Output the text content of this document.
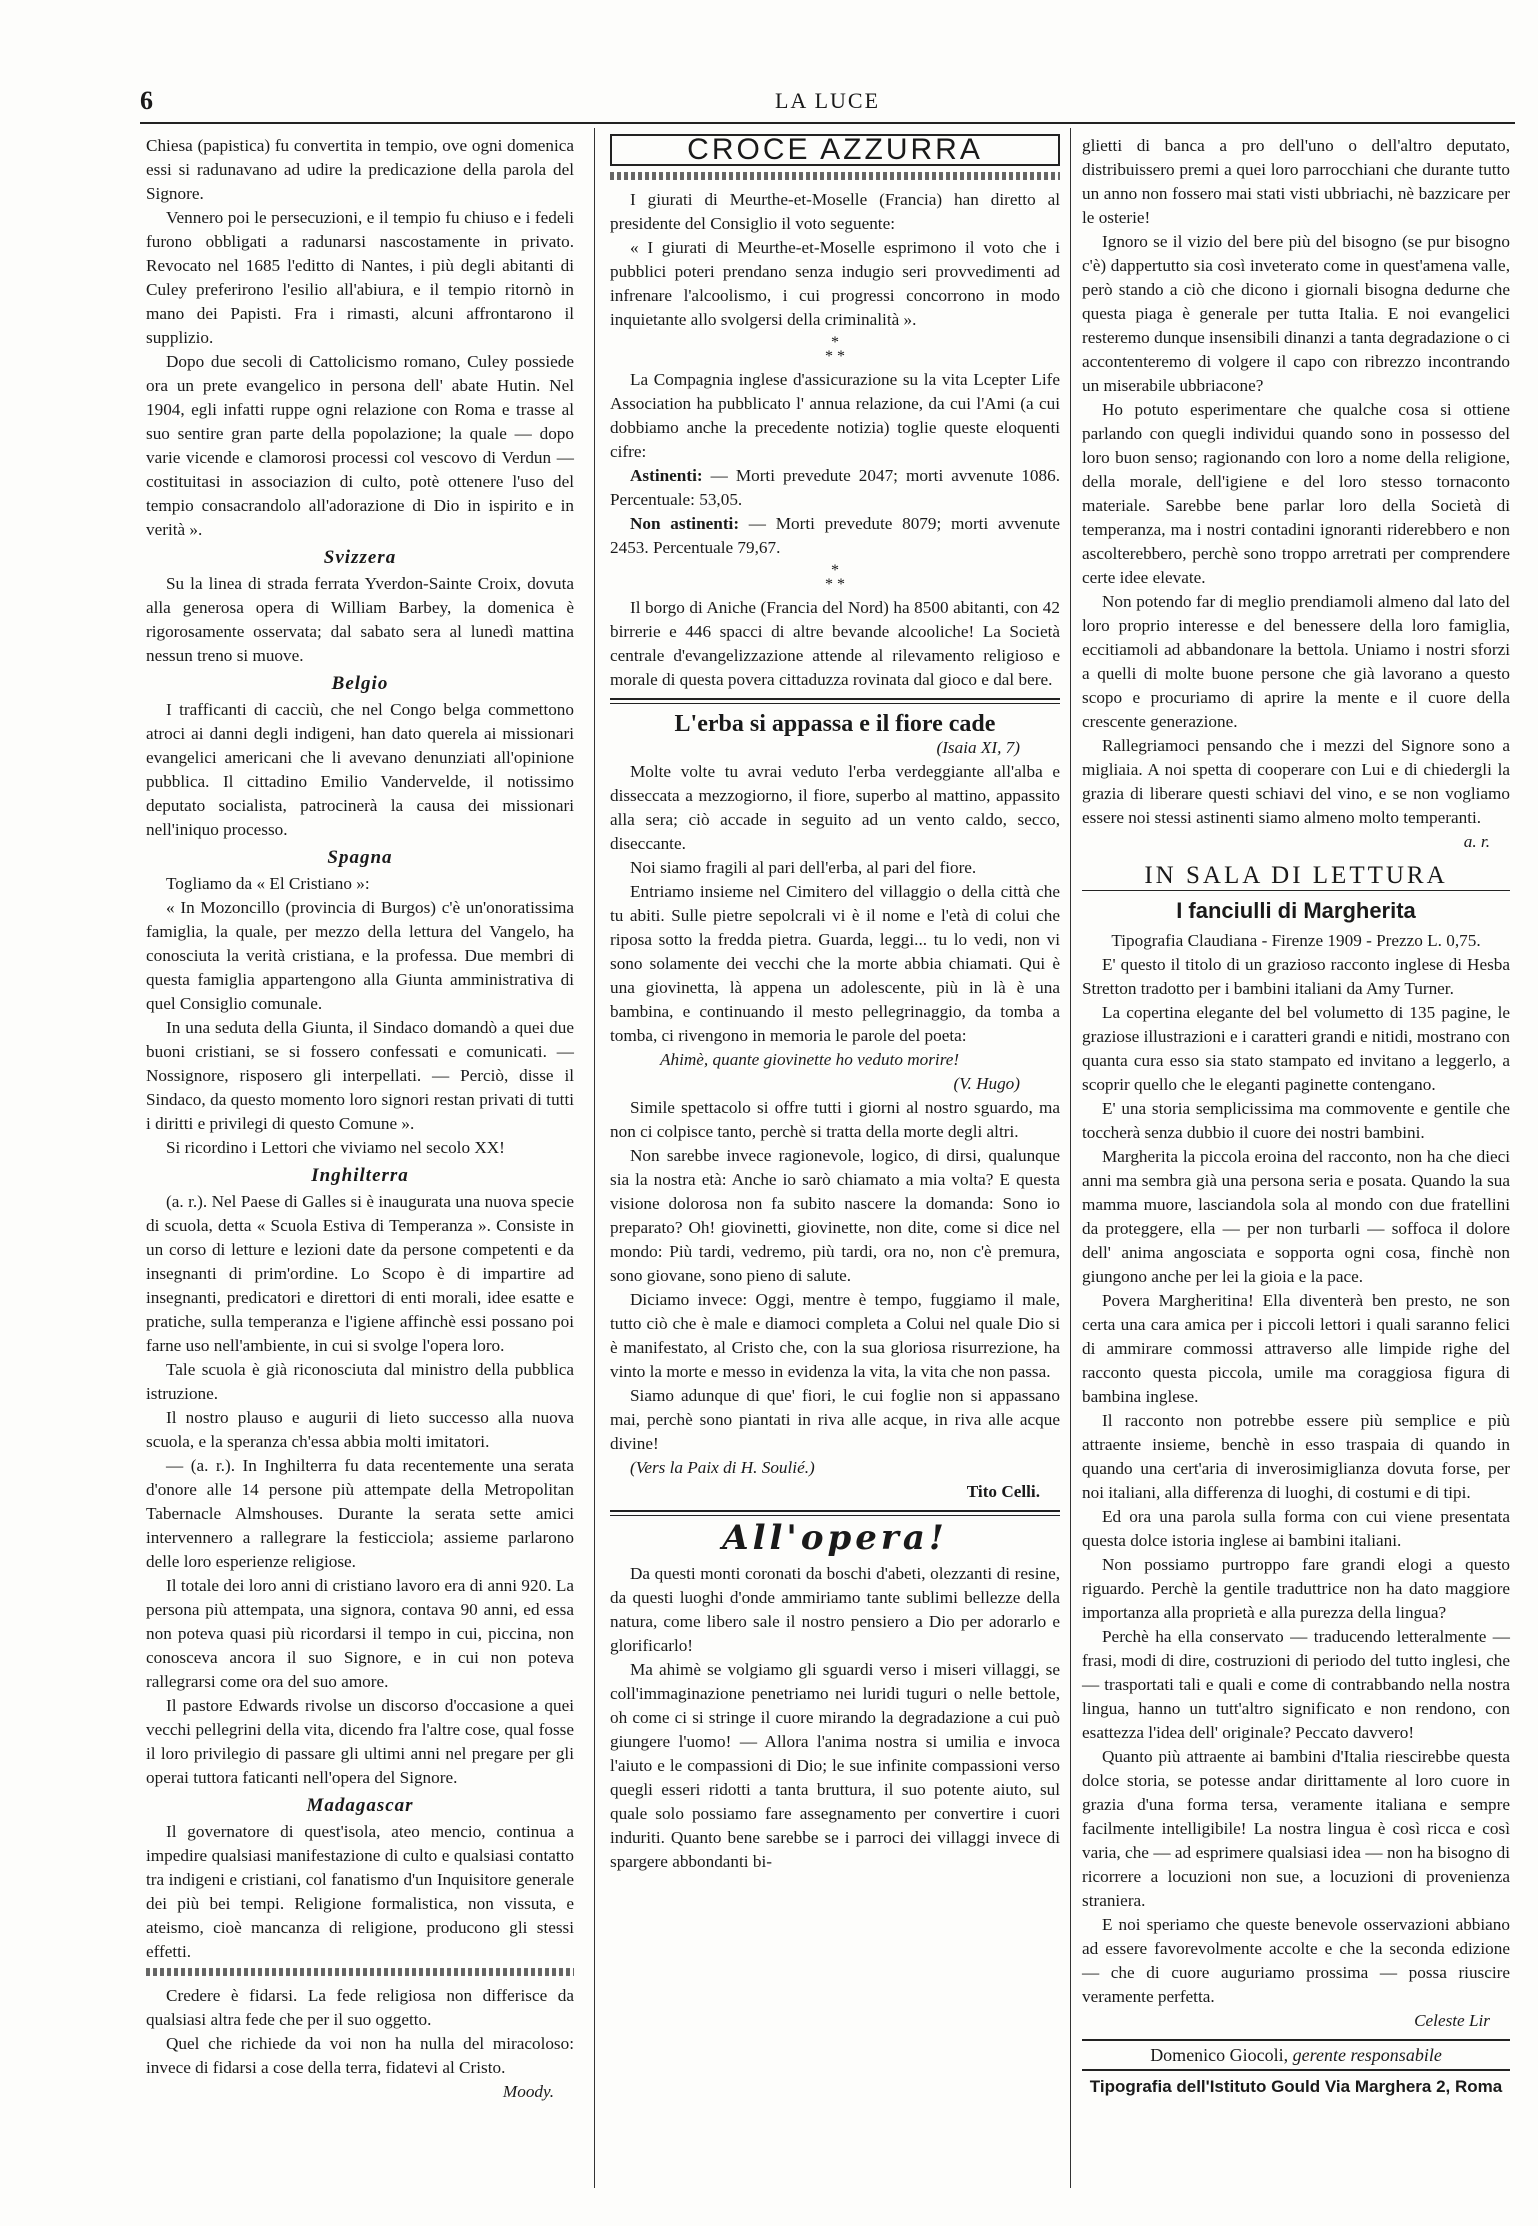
6	LA LUCE

Chiesa (papistica) fu convertita in tempio, ove ogni domenica essi si radunavano ad udire la predicazione della parola del Signore.

Vennero poi le persecuzioni, e il tempio fu chiuso e i fedeli furono obbligati a radunarsi nascostamente in privato. Revocato nel 1685 l'editto di Nantes, i più degli abitanti di Culey preferirono l'esilio all'abiura, e il tempio ritornò in mano dei Papisti. Fra i rimasti, alcuni affrontarono il supplizio.

Dopo due secoli di Cattolicismo romano, Culey possiede ora un prete evangelico in persona dell' abate Hutin. Nel 1904, egli infatti ruppe ogni relazione con Roma e trasse al suo sentire gran parte della popolazione; la quale — dopo varie vicende e clamorosi processi col vescovo di Verdun — costituitasi in associazion di culto, potè ottenere l'uso del tempio consacrandolo all'adorazione di Dio in ispirito e in verità ».

Svizzera

Su la linea di strada ferrata Yverdon-Sainte Croix, dovuta alla generosa opera di William Barbey, la domenica è rigorosamente osservata; dal sabato sera al lunedì mattina nessun treno si muove.

Belgio

I trafficanti di cacciù, che nel Congo belga commettono atroci ai danni degli indigeni, han dato querela ai missionari evangelici americani che li avevano denunziati all'opinione pubblica. Il cittadino Emilio Vandervelde, il notissimo deputato socialista, patrocinerà la causa dei missionari nell'iniquo processo.

Spagna

Togliamo da « El Cristiano »:

« In Mozoncillo (provincia di Burgos) c'è un'onoratissima famiglia, la quale, per mezzo della lettura del Vangelo, ha conosciuta la verità cristiana, e la professa. Due membri di questa famiglia appartengono alla Giunta amministrativa di quel Consiglio comunale.

In una seduta della Giunta, il Sindaco domandò a quei due buoni cristiani, se si fossero confessati e comunicati. — Nossignore, risposero gli interpellati. — Perciò, disse il Sindaco, da questo momento loro signori restan privati di tutti i diritti e privilegi di questo Comune ».

Si ricordino i Lettori che viviamo nel secolo XX!

Inghilterra

(a. r.). Nel Paese di Galles si è inaugurata una nuova specie di scuola, detta « Scuola Estiva di Temperanza ». Consiste in un corso di letture e lezioni date da persone competenti e da insegnanti di prim'ordine. Lo Scopo è di impartire ad insegnanti, predicatori e direttori di enti morali, idee esatte e pratiche, sulla temperanza e l'igiene affinchè essi possano poi farne uso nell'ambiente, in cui si svolge l'opera loro.

Tale scuola è già riconosciuta dal ministro della pubblica istruzione.

Il nostro plauso e augurii di lieto successo alla nuova scuola, e la speranza ch'essa abbia molti imitatori.

— (a. r.). In Inghilterra fu data recentemente una serata d'onore alle 14 persone più attempate della Metropolitan Tabernacle Almshouses. Durante la serata sette amici intervennero a rallegrare la festicciola; assieme parlarono delle loro esperienze religiose.

Il totale dei loro anni di cristiano lavoro era di anni 920. La persona più attempata, una signora, contava 90 anni, ed essa non poteva quasi più ricordarsi il tempo in cui, piccina, non conosceva ancora il suo Signore, e in cui non poteva rallegrarsi come ora del suo amore.

Il pastore Edwards rivolse un discorso d'occasione a quei vecchi pellegrini della vita, dicendo fra l'altre cose, qual fosse il loro privilegio di passare gli ultimi anni nel pregare per gli operai tuttora faticanti nell'opera del Signore.

Madagascar

Il governatore di quest'isola, ateo mencio, continua a impedire qualsiasi manifestazione di culto e qualsiasi contatto tra indigeni e cristiani, col fanatismo d'un Inquisitore generale dei più bei tempi. Religione formalistica, non vissuta, e ateismo, cioè mancanza di religione, producono gli stessi effetti.

Credere è fidarsi. La fede religiosa non differisce da qualsiasi altra fede che per il suo oggetto.

Quel che richiede da voi non ha nulla del miracoloso: invece di fidarsi a cose della terra, fidatevi al Cristo.

Moody.
CROCE AZZURRA

I giurati di Meurthe-et-Moselle (Francia) han diretto al presidente del Consiglio il voto seguente:

« I giurati di Meurthe-et-Moselle esprimono il voto che i pubblici poteri prendano senza indugio seri provvedimenti ad infrenare l'alcoolismo, i cui progressi concorrono in modo inquietante allo svolgersi della criminalità ».

*
* *

La Compagnia inglese d'assicurazione su la vita Lcepter Life Association ha pubblicato l' annua relazione, da cui l'Ami (a cui dobbiamo anche la precedente notizia) toglie queste eloquenti cifre:

Astinenti: — Morti prevedute 2047; morti avvenute 1086. Percentuale: 53,05.

Non astinenti: — Morti prevedute 8079; morti avvenute 2453. Percentuale 79,67.

*
* *

Il borgo di Aniche (Francia del Nord) ha 8500 abitanti, con 42 birrerie e 446 spacci di altre bevande alcooliche! La Società centrale d'evangelizzazione attende al rilevamento religioso e morale di questa povera cittaduzza rovinata dal gioco e dal bere.

L'erba si appassa e il fiore cade
(Isaia XI, 7)

Molte volte tu avrai veduto l'erba verdeggiante all'alba e disseccata a mezzogiorno, il fiore, superbo al mattino, appassito alla sera; ciò accade in seguito ad un vento caldo, secco, diseccante.

Noi siamo fragili al pari dell'erba, al pari del fiore.

Entriamo insieme nel Cimitero del villaggio o della città che tu abiti. Sulle pietre sepolcrali vi è il nome e l'età di colui che riposa sotto la fredda pietra. Guarda, leggi... tu lo vedi, non vi sono solamente dei vecchi che la morte abbia chiamati. Qui è una giovinetta, là appena un adolescente, più in là è una bambina, e continuando il mesto pellegrinaggio, da tomba a tomba, ci rivengono in memoria le parole del poeta:

Ahimè, quante giovinette ho veduto morire!
(V. Hugo)

Simile spettacolo si offre tutti i giorni al nostro sguardo, ma non ci colpisce tanto, perchè si tratta della morte degli altri.

Non sarebbe invece ragionevole, logico, di dirsi, qualunque sia la nostra età: Anche io sarò chiamato a mia volta? E questa visione dolorosa non fa subito nascere la domanda: Sono io preparato? Oh! giovinetti, giovinette, non dite, come si dice nel mondo: Più tardi, vedremo, più tardi, ora no, non c'è premura, sono giovane, sono pieno di salute.

Diciamo invece: Oggi, mentre è tempo, fuggiamo il male, tutto ciò che è male e diamoci completa a Colui nel quale Dio si è manifestato, al Cristo che, con la sua gloriosa risurrezione, ha vinto la morte e messo in evidenza la vita, la vita che non passa.

Siamo adunque di que' fiori, le cui foglie non si appassano mai, perchè sono piantati in riva alle acque, in riva alle acque divine!

(Vers la Paix di H. Soulié.)

Tito Celli.
All'opera!

Da questi monti coronati da boschi d'abeti, olezzanti di resine, da questi luoghi d'onde ammiriamo tante sublimi bellezze della natura, come libero sale il nostro pensiero a Dio per adorarlo e glorificarlo!

Ma ahimè se volgiamo gli sguardi verso i miseri villaggi, se coll'immaginazione penetriamo nei luridi tuguri o nelle bettole, oh come ci si stringe il cuore mirando la degradazione a cui può giungere l'uomo! — Allora l'anima nostra si umilia e invoca l'aiuto e le compassioni di Dio; le sue infinite compassioni verso quegli esseri ridotti a tanta bruttura, il suo potente aiuto, sul quale solo possiamo fare assegnamento per convertire i cuori induriti. Quanto bene sarebbe se i parroci dei villaggi invece di spargere abbondanti bi-

glietti di banca a pro dell'uno o dell'altro deputato, distribuissero premi a quei loro parrocchiani che durante tutto un anno non fossero mai stati visti ubbriachi, nè bazzicare per le osterie!

Ignoro se il vizio del bere più del bisogno (se pur bisogno c'è) dappertutto sia così inveterato come in quest'amena valle, però stando a ciò che dicono i giornali bisogna dedurne che questa piaga è generale per tutta Italia. E noi evangelici resteremo dunque insensibili dinanzi a tanta degradazione o ci accontenteremo di volgere il capo con ribrezzo incontrando un miserabile ubbriacone?

Ho potuto esperimentare che qualche cosa si ottiene parlando con quegli individui quando sono in possesso del loro buon senso; ragionando con loro a nome della religione, della morale, dell'igiene e del loro stesso tornaconto materiale. Sarebbe bene parlar loro della Società di temperanza, ma i nostri contadini ignoranti riderebbero e non ascolterebbero, perchè sono troppo arretrati per comprendere certe idee elevate.

Non potendo far di meglio prendiamoli almeno dal lato del loro proprio interesse e del benessere della loro famiglia, eccitiamoli ad abbandonare la bettola. Uniamo i nostri sforzi a quelli di molte buone persone che già lavorano a questo scopo e procuriamo di aprire la mente e il cuore della crescente generazione.

Rallegriamoci pensando che i mezzi del Signore sono a migliaia. A noi spetta di cooperare con Lui e di chiedergli la grazia di liberare questi schiavi del vino, e se non vogliamo essere noi stessi astinenti siamo almeno molto temperanti.

a. r.
IN SALA DI LETTURA
I fanciulli di Margherita
Tipografia Claudiana - Firenze 1909 - Prezzo L. 0,75.

E' questo il titolo di un grazioso racconto inglese di Hesba Stretton tradotto per i bambini italiani da Amy Turner.

La copertina elegante del bel volumetto di 135 pagine, le graziose illustrazioni e i caratteri grandi e nitidi, mostrano con quanta cura esso sia stato stampato ed invitano a leggerlo, a scoprir quello che le eleganti paginette contengano.

E' una storia semplicissima ma commovente e gentile che toccherà senza dubbio il cuore dei nostri bambini.

Margherita la piccola eroina del racconto, non ha che dieci anni ma sembra già una persona seria e posata. Quando la sua mamma muore, lasciandola sola al mondo con due fratellini da proteggere, ella — per non turbarli — soffoca il dolore dell' anima angosciata e sopporta ogni cosa, finchè non giungono anche per lei la gioia e la pace.

Povera Margheritina! Ella diventerà ben presto, ne son certa una cara amica per i piccoli lettori i quali saranno felici di ammirare commossi attraverso alle limpide righe del racconto questa piccola, umile ma coraggiosa figura di bambina inglese.

Il racconto non potrebbe essere più semplice e più attraente insieme, benchè in esso traspaia di quando in quando una cert'aria di inverosimiglianza dovuta forse, per noi italiani, alla differenza di luoghi, di costumi e di tipi.

Ed ora una parola sulla forma con cui viene presentata questa dolce istoria inglese ai bambini italiani.

Non possiamo purtroppo fare grandi elogi a questo riguardo. Perchè la gentile traduttrice non ha dato maggiore importanza alla proprietà e alla purezza della lingua?

Perchè ha ella conservato — traducendo letteralmente — frasi, modi di dire, costruzioni di periodo del tutto inglesi, che — trasportati tali e quali e come di contrabbando nella nostra lingua, hanno un tutt'altro significato e non rendono, con esattezza l'idea dell' originale? Peccato davvero!

Quanto più attraente ai bambini d'Italia riescirebbe questa dolce storia, se potesse andar dirittamente al loro cuore in grazia d'una forma tersa, veramente italiana e sempre facilmente intelligibile! La nostra lingua è così ricca e così varia, che — ad esprimere qualsiasi idea — non ha bisogno di ricorrere a locuzioni non sue, a locuzioni di provenienza straniera.

E noi speriamo che queste benevole osservazioni abbiano ad essere favorevolmente accolte e che la seconda edizione — che di cuore auguriamo prossima — possa riuscire veramente perfetta.

Celeste Lir
Domenico Giocoli, gerente responsabile
Tipografia dell'Istituto Gould Via Marghera 2, Roma
